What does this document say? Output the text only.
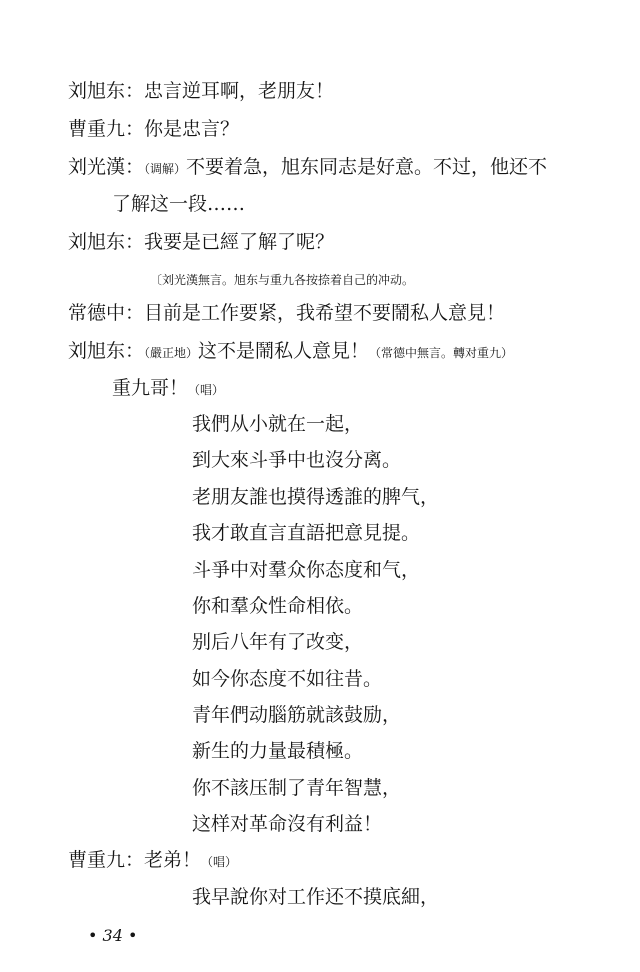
刘旭东：忠言逆耳啊，老朋友！
曹重九：你是忠言？
刘光漢：（调解）不要着急，旭东同志是好意。不过，他还不
了解这一段……
刘旭东：我要是已經了解了呢？
〔刘光漢無言。旭东与重九各按捺着自己的冲动。
常德中：目前是工作要紧，我希望不要鬧私人意見！
刘旭东：（嚴正地）这不是鬧私人意見！（常德中無言。轉对重九）
重九哥！（唱）
我們从小就在一起，
到大來斗爭中也沒分离。
老朋友誰也摸得透誰的脾气，
我才敢直言直語把意見提。
斗爭中对羣众你态度和气，
你和羣众性命相依。
别后八年有了改变，
如今你态度不如往昔。
青年們动腦筋就該鼓励，
新生的力量最積極。
你不該压制了青年智慧，
这样对革命沒有利益！
曹重九：老弟！（唱）
我早說你对工作还不摸底細，
• 34 •
